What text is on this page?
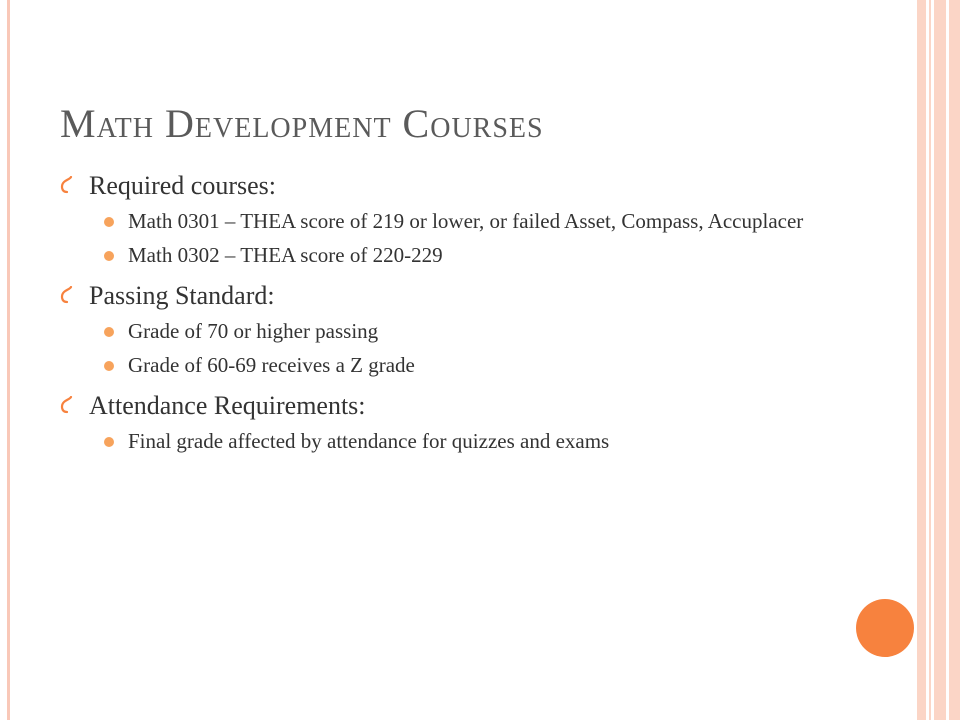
Math Development Courses
Required courses:
Math 0301 – THEA score of 219 or lower, or failed Asset, Compass, Accuplacer
Math 0302 – THEA score of 220-229
Passing Standard:
Grade of 70 or higher passing
Grade of 60-69 receives a Z grade
Attendance Requirements:
Final grade affected by attendance for quizzes and exams
